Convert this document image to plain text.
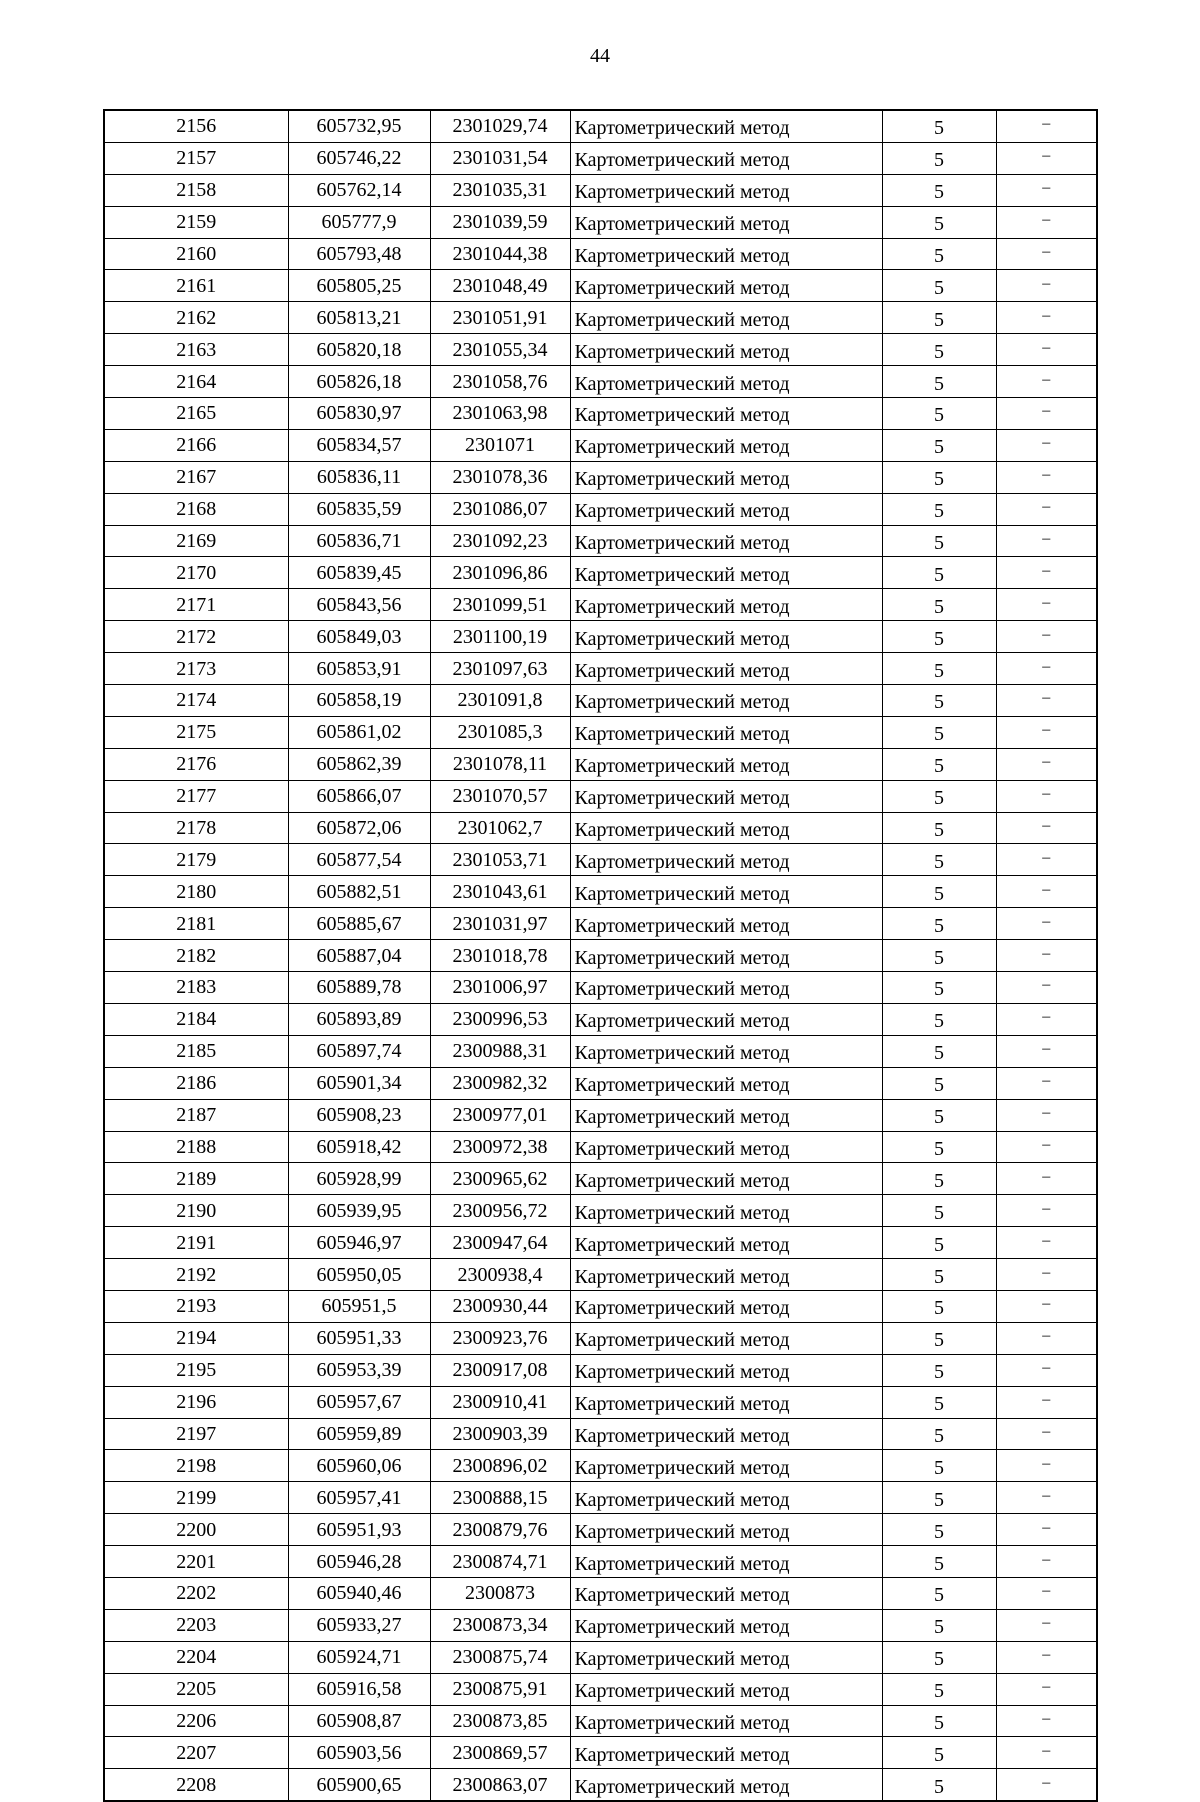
44
2156	605732,95	2301029,74	Картометрический метод	5	–
2157	605746,22	2301031,54	Картометрический метод	5	–
2158	605762,14	2301035,31	Картометрический метод	5	–
2159	605777,9	2301039,59	Картометрический метод	5	–
2160	605793,48	2301044,38	Картометрический метод	5	–
2161	605805,25	2301048,49	Картометрический метод	5	–
2162	605813,21	2301051,91	Картометрический метод	5	–
2163	605820,18	2301055,34	Картометрический метод	5	–
2164	605826,18	2301058,76	Картометрический метод	5	–
2165	605830,97	2301063,98	Картометрический метод	5	–
2166	605834,57	2301071	Картометрический метод	5	–
2167	605836,11	2301078,36	Картометрический метод	5	–
2168	605835,59	2301086,07	Картометрический метод	5	–
2169	605836,71	2301092,23	Картометрический метод	5	–
2170	605839,45	2301096,86	Картометрический метод	5	–
2171	605843,56	2301099,51	Картометрический метод	5	–
2172	605849,03	2301100,19	Картометрический метод	5	–
2173	605853,91	2301097,63	Картометрический метод	5	–
2174	605858,19	2301091,8	Картометрический метод	5	–
2175	605861,02	2301085,3	Картометрический метод	5	–
2176	605862,39	2301078,11	Картометрический метод	5	–
2177	605866,07	2301070,57	Картометрический метод	5	–
2178	605872,06	2301062,7	Картометрический метод	5	–
2179	605877,54	2301053,71	Картометрический метод	5	–
2180	605882,51	2301043,61	Картометрический метод	5	–
2181	605885,67	2301031,97	Картометрический метод	5	–
2182	605887,04	2301018,78	Картометрический метод	5	–
2183	605889,78	2301006,97	Картометрический метод	5	–
2184	605893,89	2300996,53	Картометрический метод	5	–
2185	605897,74	2300988,31	Картометрический метод	5	–
2186	605901,34	2300982,32	Картометрический метод	5	–
2187	605908,23	2300977,01	Картометрический метод	5	–
2188	605918,42	2300972,38	Картометрический метод	5	–
2189	605928,99	2300965,62	Картометрический метод	5	–
2190	605939,95	2300956,72	Картометрический метод	5	–
2191	605946,97	2300947,64	Картометрический метод	5	–
2192	605950,05	2300938,4	Картометрический метод	5	–
2193	605951,5	2300930,44	Картометрический метод	5	–
2194	605951,33	2300923,76	Картометрический метод	5	–
2195	605953,39	2300917,08	Картометрический метод	5	–
2196	605957,67	2300910,41	Картометрический метод	5	–
2197	605959,89	2300903,39	Картометрический метод	5	–
2198	605960,06	2300896,02	Картометрический метод	5	–
2199	605957,41	2300888,15	Картометрический метод	5	–
2200	605951,93	2300879,76	Картометрический метод	5	–
2201	605946,28	2300874,71	Картометрический метод	5	–
2202	605940,46	2300873	Картометрический метод	5	–
2203	605933,27	2300873,34	Картометрический метод	5	–
2204	605924,71	2300875,74	Картометрический метод	5	–
2205	605916,58	2300875,91	Картометрический метод	5	–
2206	605908,87	2300873,85	Картометрический метод	5	–
2207	605903,56	2300869,57	Картометрический метод	5	–
2208	605900,65	2300863,07	Картометрический метод	5	–
